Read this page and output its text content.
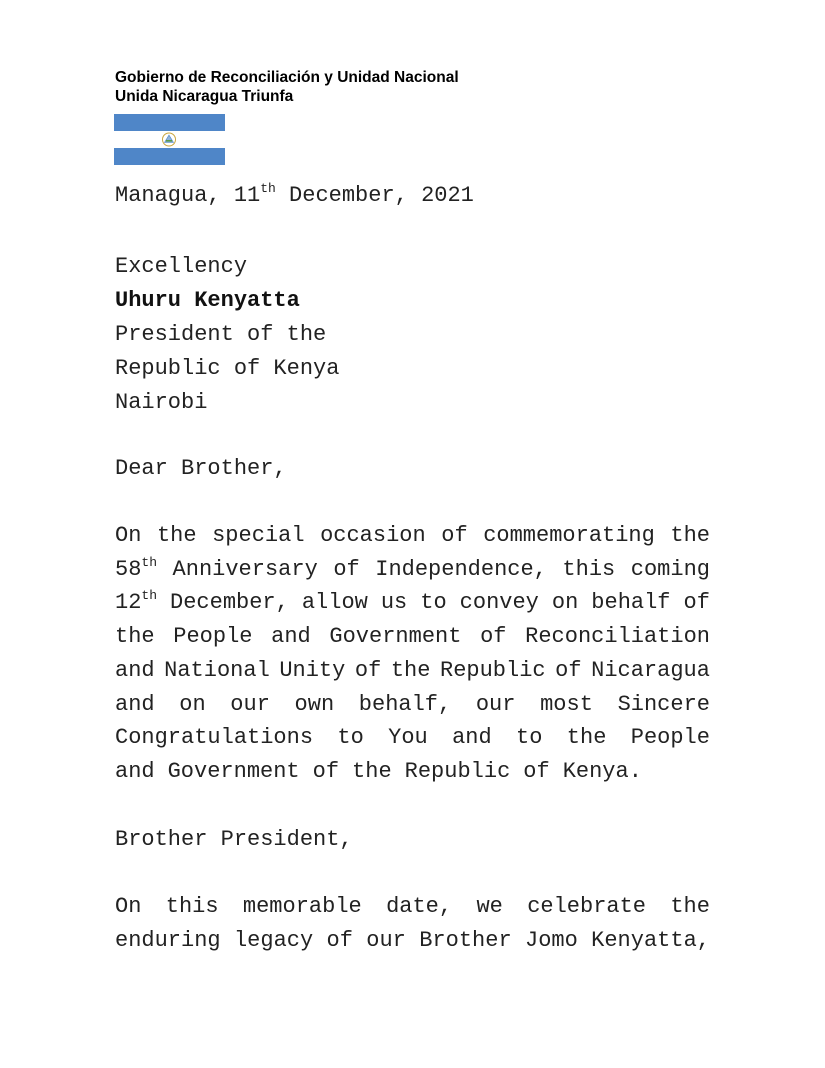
Gobierno de Reconciliación y Unidad Nacional
Unida Nicaragua Triunfa
Managua, 11th December, 2021
Excellency
Uhuru Kenyatta
President of the
Republic of Kenya
Nairobi
Dear Brother,
On the special occasion of commemorating the
58th Anniversary of Independence, this coming
12th December, allow us to convey on behalf of
the People and Government of Reconciliation
and National Unity of the Republic of Nicaragua
and on our own behalf, our most Sincere
Congratulations to You and to the People
and Government of the Republic of Kenya.
Brother President,
On this memorable date, we celebrate the
enduring legacy of our Brother Jomo Kenyatta,
